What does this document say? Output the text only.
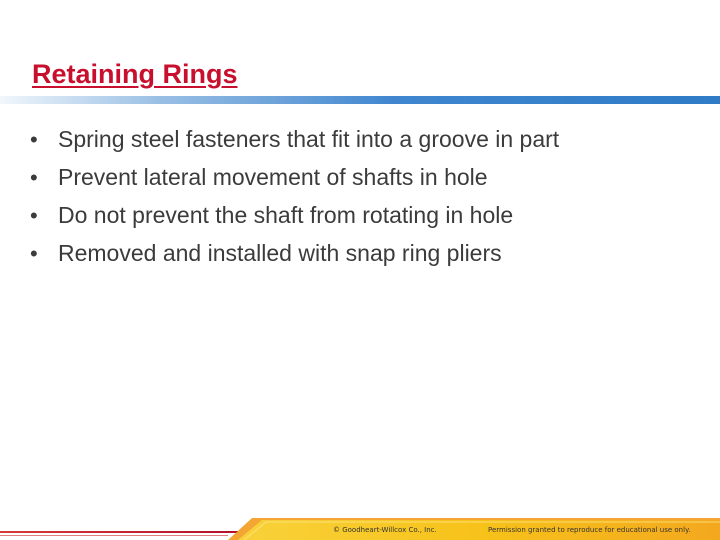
Retaining Rings
• Spring steel fasteners that fit into a groove in part
• Prevent lateral movement of shafts in hole
• Do not prevent the shaft from rotating in hole
• Removed and installed with snap ring pliers
© Goodheart-Willcox Co., Inc.	Permission granted to reproduce for educational use only.
